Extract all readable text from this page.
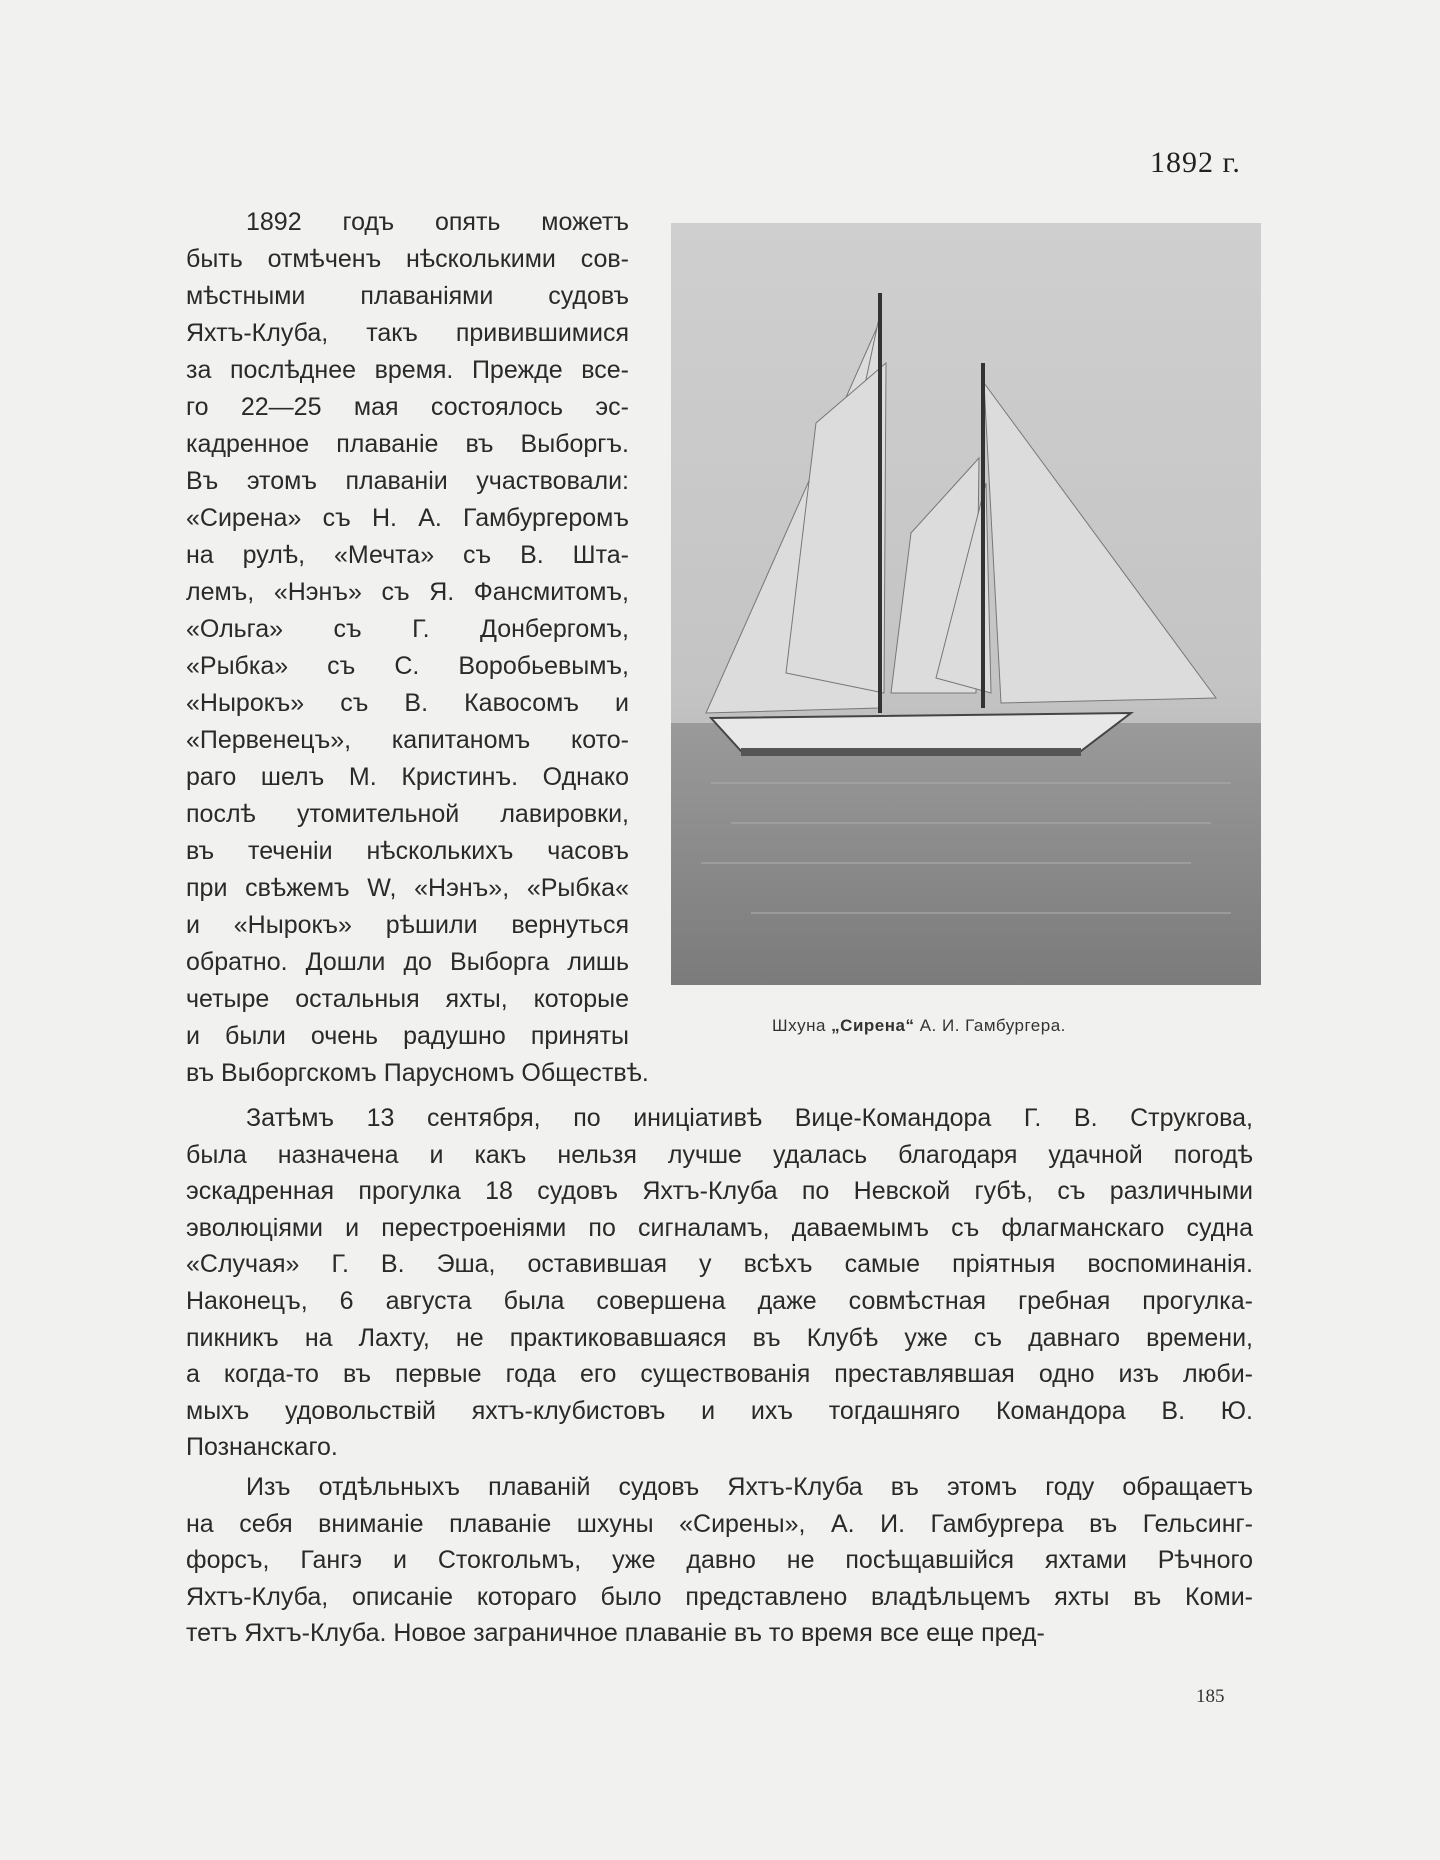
1892 г.
1892 годъ опять можетъ
быть отмѣченъ нѣсколькими сов-
мѣстными плаваніями судовъ
Яхтъ-Клуба, такъ привившимися
за послѣднее время. Прежде все-
го 22—25 мая состоялось эс-
кадренное плаваніе въ Выборгъ.
Въ этомъ плаваніи участвовали:
«Сирена» съ Н. А. Гамбургеромъ
на рулѣ, «Мечта» съ В. Шта-
лемъ, «Нэнъ» съ Я. Фансмитомъ,
«Ольга» съ Г. Донбергомъ,
«Рыбка» съ С. Воробьевымъ,
«Нырокъ» съ В. Кавосомъ и
«Первенецъ», капитаномъ кото-
раго шелъ М. Кристинъ. Однако
послѣ утомительной лавировки,
въ теченіи нѣсколькихъ часовъ
при свѣжемъ W, «Нэнъ», «Рыбка«
и «Нырокъ» рѣшили вернуться
обратно. Дошли до Выборга лишь
четыре остальныя яхты, которые
и были очень радушно приняты
въ Выборгскомъ Парусномъ Обществѣ.
Шхуна „Сирена“ А. И. Гамбургера.
Затѣмъ 13 сентября, по иниціативѣ Вице-Командора Г. В. Струкгова,
была назначена и какъ нельзя лучше удалась благодаря удачной погодѣ
эскадренная прогулка 18 судовъ Яхтъ-Клуба по Невской губѣ, съ различными
эволюціями и перестроеніями по сигналамъ, даваемымъ съ флагманскаго судна
«Случая» Г. В. Эша, оставившая у всѣхъ самые пріятныя воспоминанія.
Наконецъ, 6 августа была совершена даже совмѣстная гребная прогулка-
пикникъ на Лахту, не практиковавшаяся въ Клубѣ уже съ давнаго времени,
а когда-то въ первые года его существованія преставлявшая одно изъ люби-
мыхъ удовольствій яхтъ-клубистовъ и ихъ тогдашняго Командора В. Ю.
Познанскаго.
Изъ отдѣльныхъ плаваній судовъ Яхтъ-Клуба въ этомъ году обращаетъ
на себя вниманіе плаваніе шхуны «Сирены», А. И. Гамбургера въ Гельсинг-
форсъ, Гангэ и Стокгольмъ, уже давно не посѣщавшійся яхтами Рѣчного
Яхтъ-Клуба, описаніе котораго было представлено владѣльцемъ яхты въ Коми-
тетъ Яхтъ-Клуба. Новое заграничное плаваніе въ то время все еще пред-
185
